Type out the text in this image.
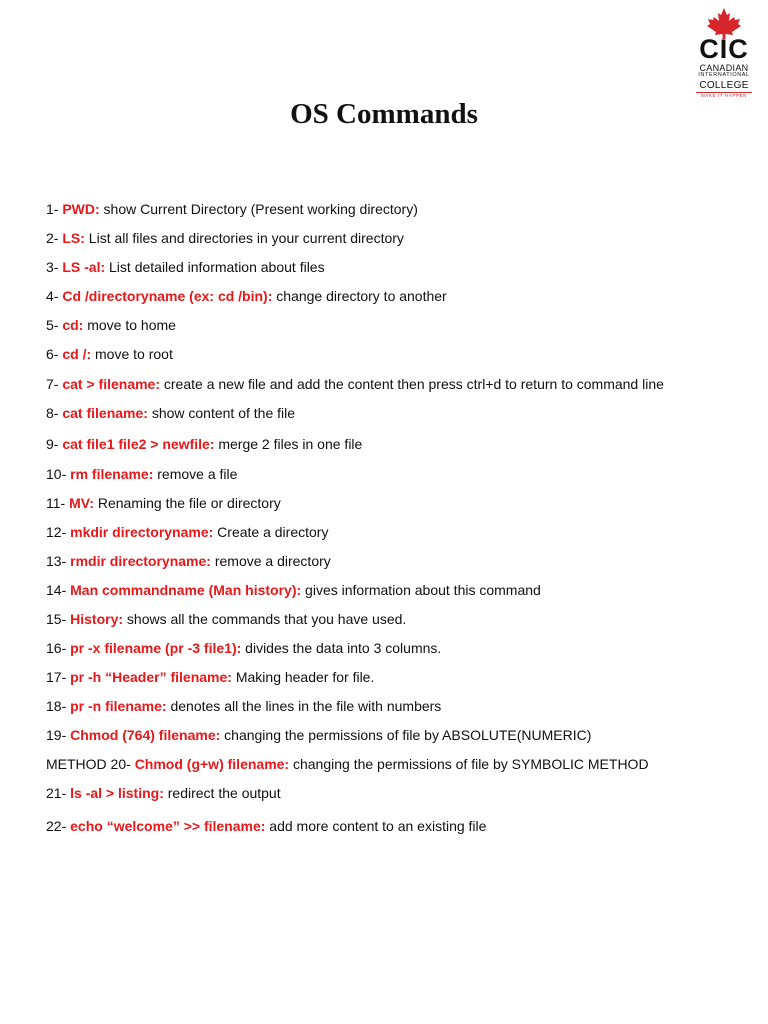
CIC
CANADIAN
INTERNATIONAL
COLLEGE
MAKE IT HAPPEN
OS Commands
1- PWD: show Current Directory (Present working directory)
2- LS: List all files and directories in your current directory
3- LS -al: List detailed information about files
4- Cd /directoryname (ex: cd /bin): change directory to another
5- cd: move to home
6- cd /: move to root
7- cat > filename: create a new file and add the content then press ctrl+d to return to command line
8- cat filename: show content of the file
9- cat file1 file2 > newfile: merge 2 files in one file
10- rm filename: remove a file
11- MV: Renaming the file or directory
12- mkdir directoryname: Create a directory
13- rmdir directoryname: remove a directory
14- Man commandname (Man history): gives information about this command
15- History: shows all the commands that you have used.
16- pr -x filename (pr -3 file1): divides the data into 3 columns.
17- pr -h “Header” filename: Making header for file.
18- pr -n filename: denotes all the lines in the file with numbers
19- Chmod (764) filename: changing the permissions of file by ABSOLUTE(NUMERIC)
METHOD 20- Chmod (g+w) filename: changing the permissions of file by SYMBOLIC METHOD
21- ls -al > listing: redirect the output
22- echo “welcome” >> filename: add more content to an existing file
